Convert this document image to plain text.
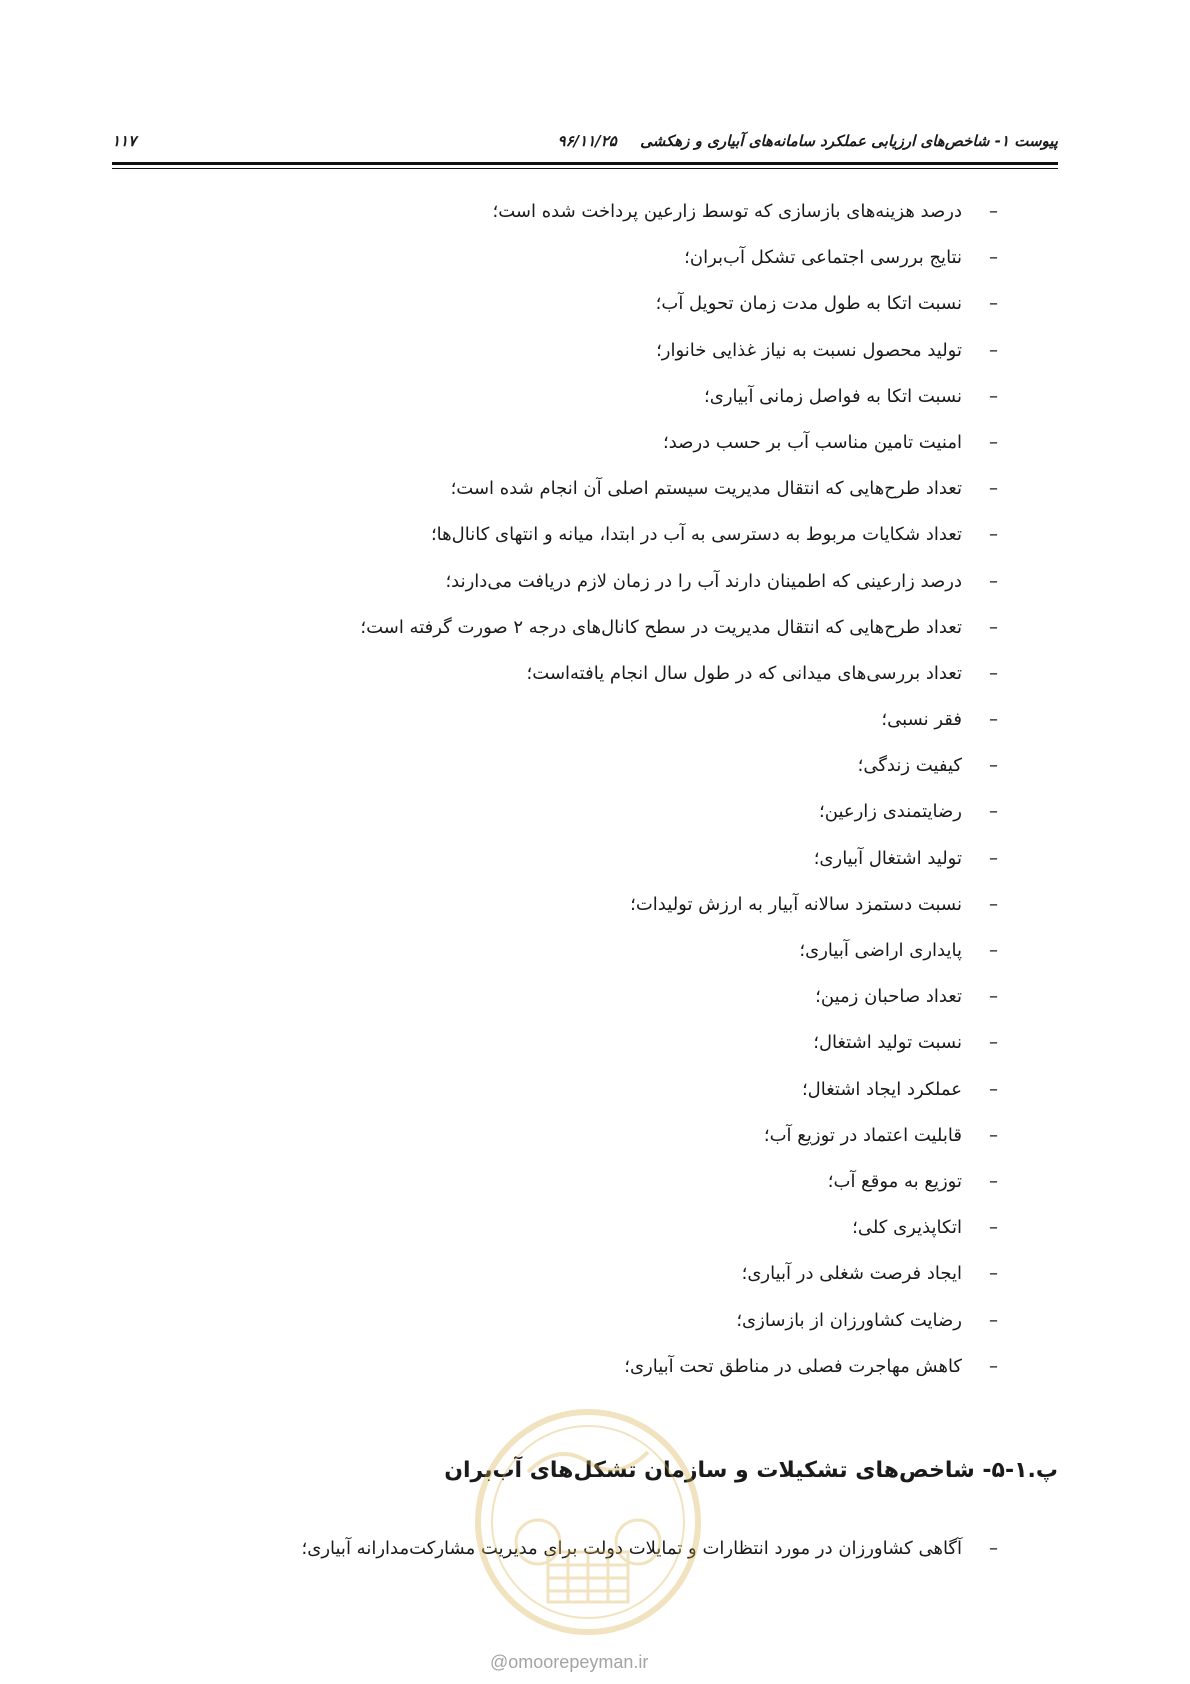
پیوست ۱- شاخص‌های ارزیابی عملکرد سامانه‌های آبیاری و زهکشی ۹۶/۱۱/۲۵
۱۱۷
–
درصد هزینه‌های بازسازی که توسط زارعین پرداخت شده است؛
–
نتایج بررسی اجتماعی تشکل آب‌بران؛
–
نسبت اتکا به طول مدت زمان تحویل آب؛
–
تولید محصول نسبت به نیاز غذایی خانوار؛
–
نسبت اتکا به فواصل زمانی آبیاری؛
–
امنیت تامین مناسب آب بر حسب درصد؛
–
تعداد طرح‌هایی که انتقال مدیریت سیستم اصلی آن انجام شده است؛
–
تعداد شکایات مربوط به دسترسی به آب در ابتدا، میانه و انتهای کانال‌ها؛
–
درصد زارعینی که اطمینان دارند آب را در زمان لازم دریافت می‌دارند؛
–
تعداد طرح‌هایی که انتقال مدیریت در سطح کانال‌های درجه ۲ صورت گرفته است؛
–
تعداد بررسی‌های میدانی که در طول سال انجام یافته‌است؛
–
فقر نسبی؛
–
کیفیت زندگی؛
–
رضایتمندی زارعین؛
–
تولید اشتغال آبیاری؛
–
نسبت دستمزد سالانه آبیار به ارزش تولیدات؛
–
پایداری اراضی آبیاری؛
–
تعداد صاحبان زمین؛
–
نسبت تولید اشتغال؛
–
عملکرد ایجاد اشتغال؛
–
قابلیت اعتماد در توزیع آب؛
–
توزیع به موقع آب؛
–
اتکاپذیری کلی؛
–
ایجاد فرصت شغلی در آبیاری؛
–
رضایت کشاورزان از بازسازی؛
–
کاهش مهاجرت فصلی در مناطق تحت آبیاری؛
پ.۱-۵- شاخص‌های تشکیلات و سازمان تشکل‌های آب‌بران
–
آگاهی کشاورزان در مورد انتظارات و تمایلات دولت برای مدیریت مشارکت‌مدارانه آبیاری؛
@omoorepeyman.ir
